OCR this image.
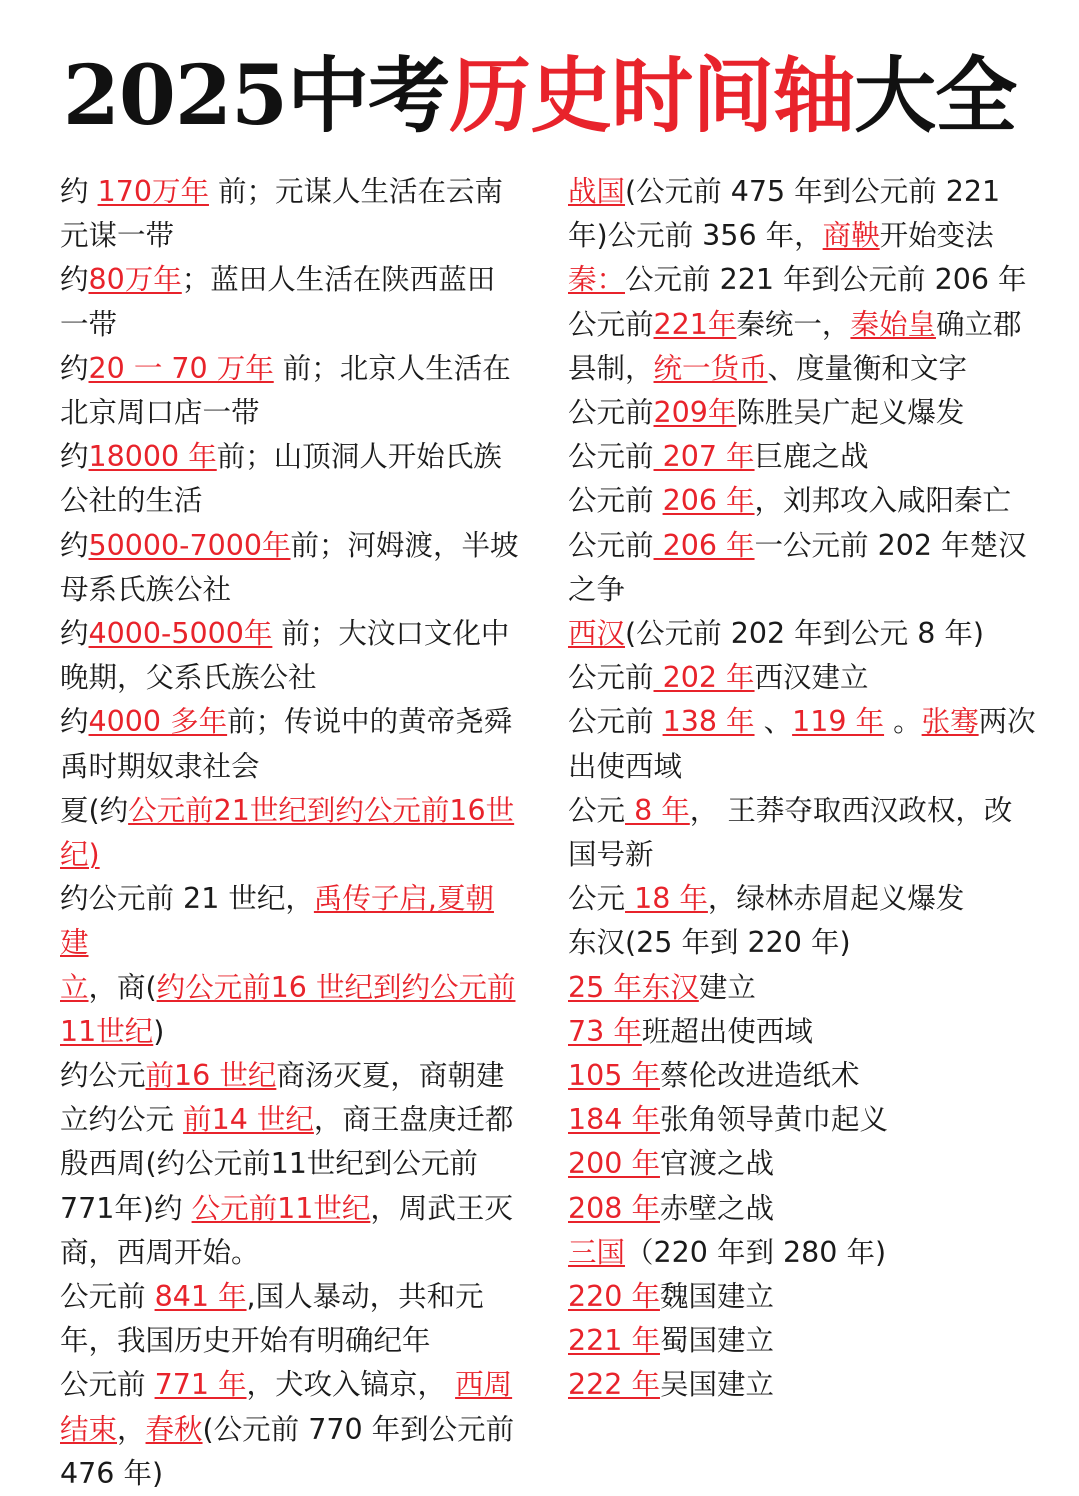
2025中考历史时间轴大全
约 170万年 前；元谋人生活在云南
元谋一带
约80万年；蓝田人生活在陕西蓝田
一带
约20 一 70 万年 前；北京人生活在
北京周口店一带
约18000 年前；山顶洞人开始氏族
公社的生活
约50000-7000年前；河姆渡，半坡
母系氏族公社
约4000-5000年 前；大汶口文化中
晚期，父系氏族公社
约4000 多年前；传说中的黄帝尧舜
禹时期奴隶社会
夏(约公元前21世纪到约公元前16世
纪)
约公元前 21 世纪，禹传子启,夏朝建
立，商(约公元前16 世纪到约公元前
11世纪)
约公元前16 世纪商汤灭夏，商朝建
立约公元 前14 世纪，商王盘庚迁都
殷西周(约公元前11世纪到公元前
771年)约 公元前11世纪，周武王灭
商，西周开始。
公元前 841 年,国人暴动，共和元
年，我国历史开始有明确纪年
公元前 771 年，犬攻入镐京， 西周
结束，春秋(公元前 770 年到公元前
476 年)
战国(公元前 475 年到公元前 221
年)公元前 356 年，商鞅开始变法
秦：公元前 221 年到公元前 206 年
公元前221年秦统一，秦始皇确立郡
县制，统一货币、度量衡和文字
公元前209年陈胜吴广起义爆发
公元前 207 年巨鹿之战
公元前 206 年，刘邦攻入咸阳秦亡
公元前 206 年一公元前 202 年楚汉
之争
西汉(公元前 202 年到公元 8 年)
公元前 202 年西汉建立
公元前 138 年 、119 年 。张骞两次
出使西域
公元 8 年， 王莽夺取西汉政权，改
国号新
公元 18 年，绿林赤眉起义爆发
东汉(25 年到 220 年)
25 年东汉建立
73 年班超出使西域
105 年蔡伦改进造纸术
184 年张角领导黄巾起义
200 年官渡之战
208 年赤壁之战
三国（220 年到 280 年)
220 年魏国建立
221 年蜀国建立
222 年吴国建立
